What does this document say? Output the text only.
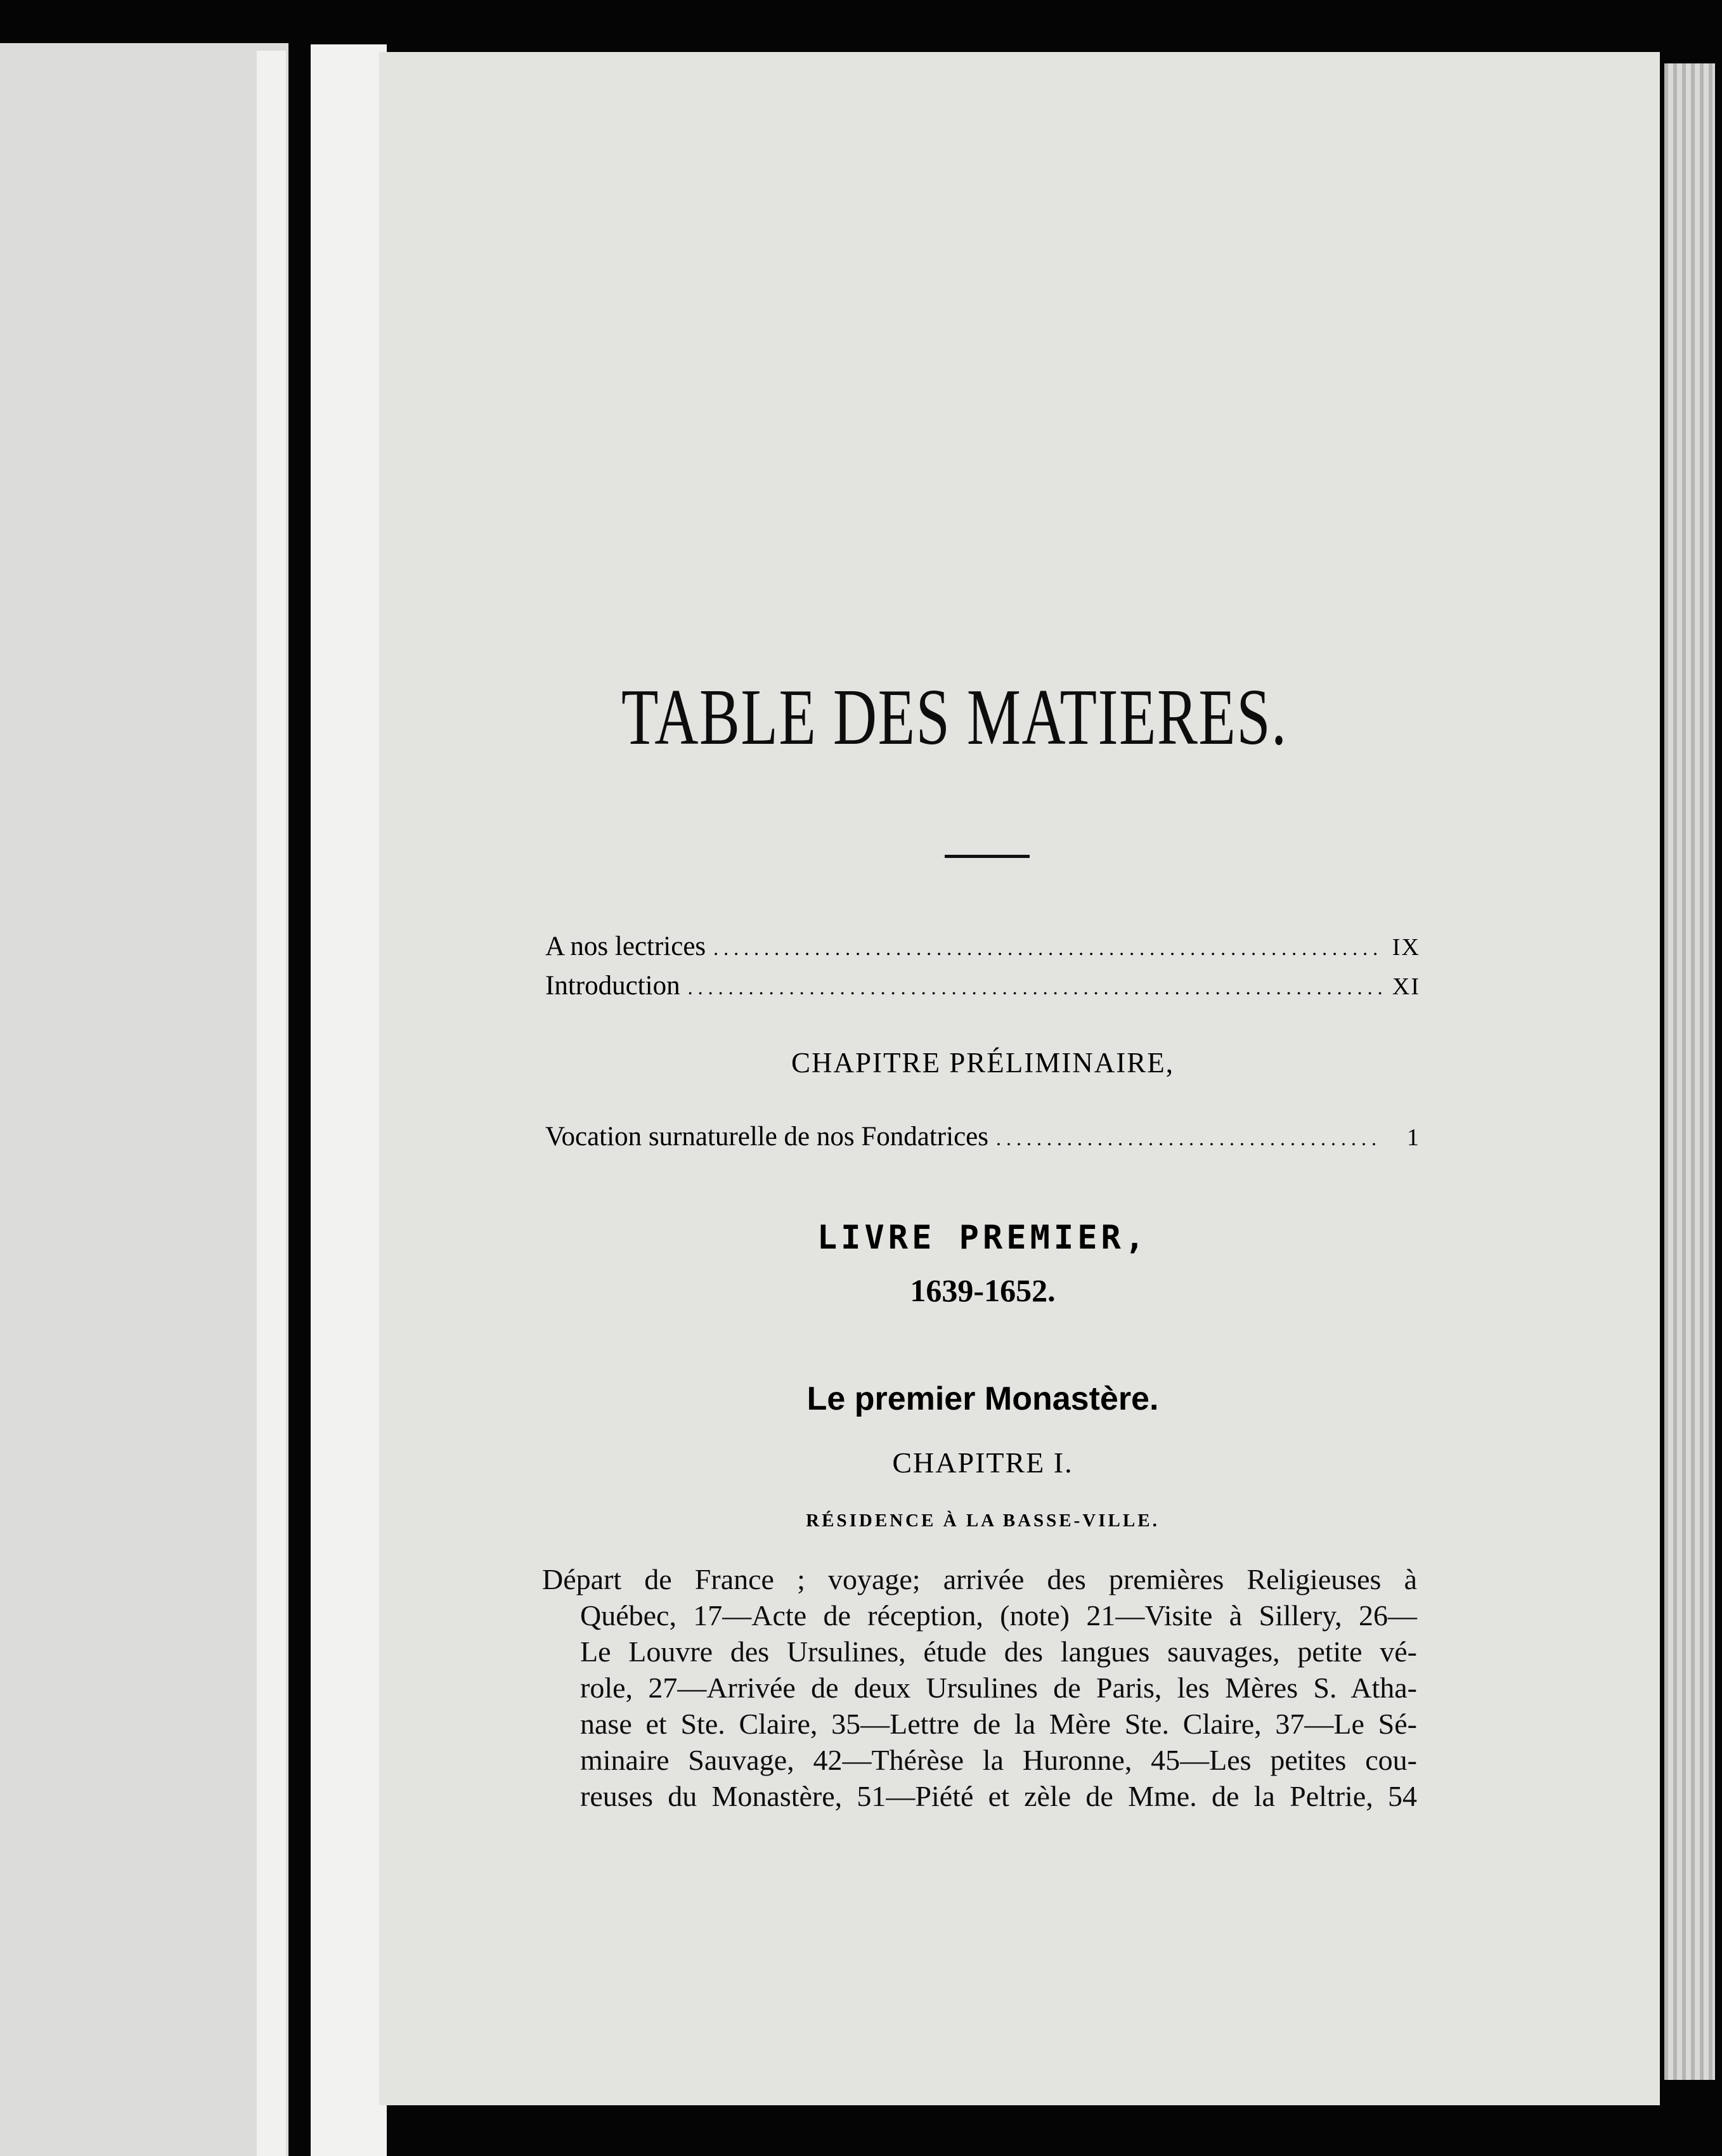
TABLE DES MATIERES.
A nos lectrices .....	IX
Introduction .....	XI
CHAPITRE PRÉLIMINAIRE,
Vocation surnaturelle de nos Fondatrices .....	1
LIVRE PREMIER,
1639-1652.
Le premier Monastère.
CHAPITRE I.
RÉSIDENCE À LA BASSE-VILLE.
Départ de France ; voyage; arrivée des premières Religieuses à
Québec, 17—Acte de réception, (note) 21—Visite à Sillery, 26—
Le Louvre des Ursulines, étude des langues sauvages, petite vé-
role, 27—Arrivée de deux Ursulines de Paris, les Mères S. Atha-
nase et Ste. Claire, 35—Lettre de la Mère Ste. Claire, 37—Le Sé-
minaire Sauvage, 42—Thérèse la Huronne, 45—Les petites cou-
reuses du Monastère, 51—Piété et zèle de Mme. de la Peltrie, 54
